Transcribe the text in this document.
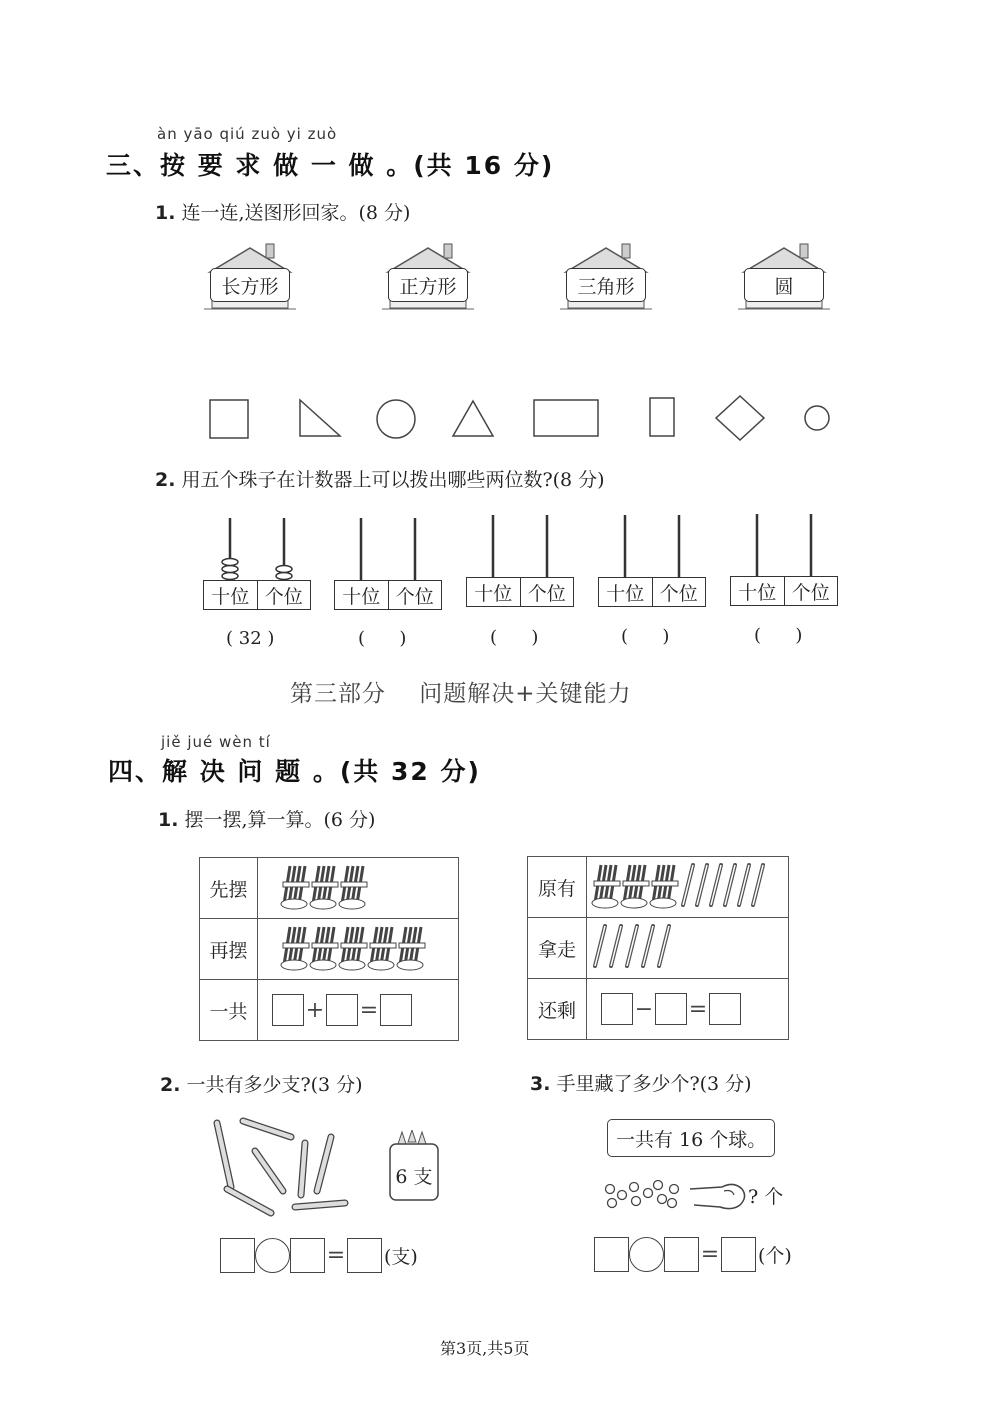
àn yāo qiú zuò yi zuò
三、按 要 求 做 一 做 。(共 16 分)
1. 连一连,送图形回家。(8 分)
长方形	正方形	三角形	圆
2. 用五个珠子在计数器上可以拨出哪些两位数?(8 分)
十位 个位	十位 个位	十位 个位	十位 个位	十位 个位
( 32 )	(      )	(      )	(      )	(      )
第三部分    问题解决+关键能力
jiě jué wèn tí
四、解 决 问 题 。(共 32 分)
1. 摆一摆,算一算。(6 分)
先摆	
再摆	
一共	+ =
原有	
拿走	
还剩	− =
2. 一共有多少支?(3 分)
6 支
= (支)
3. 手里藏了多少个?(3 分)
一共有 16 个球。
? 个
= (个)
第3页,共5页
